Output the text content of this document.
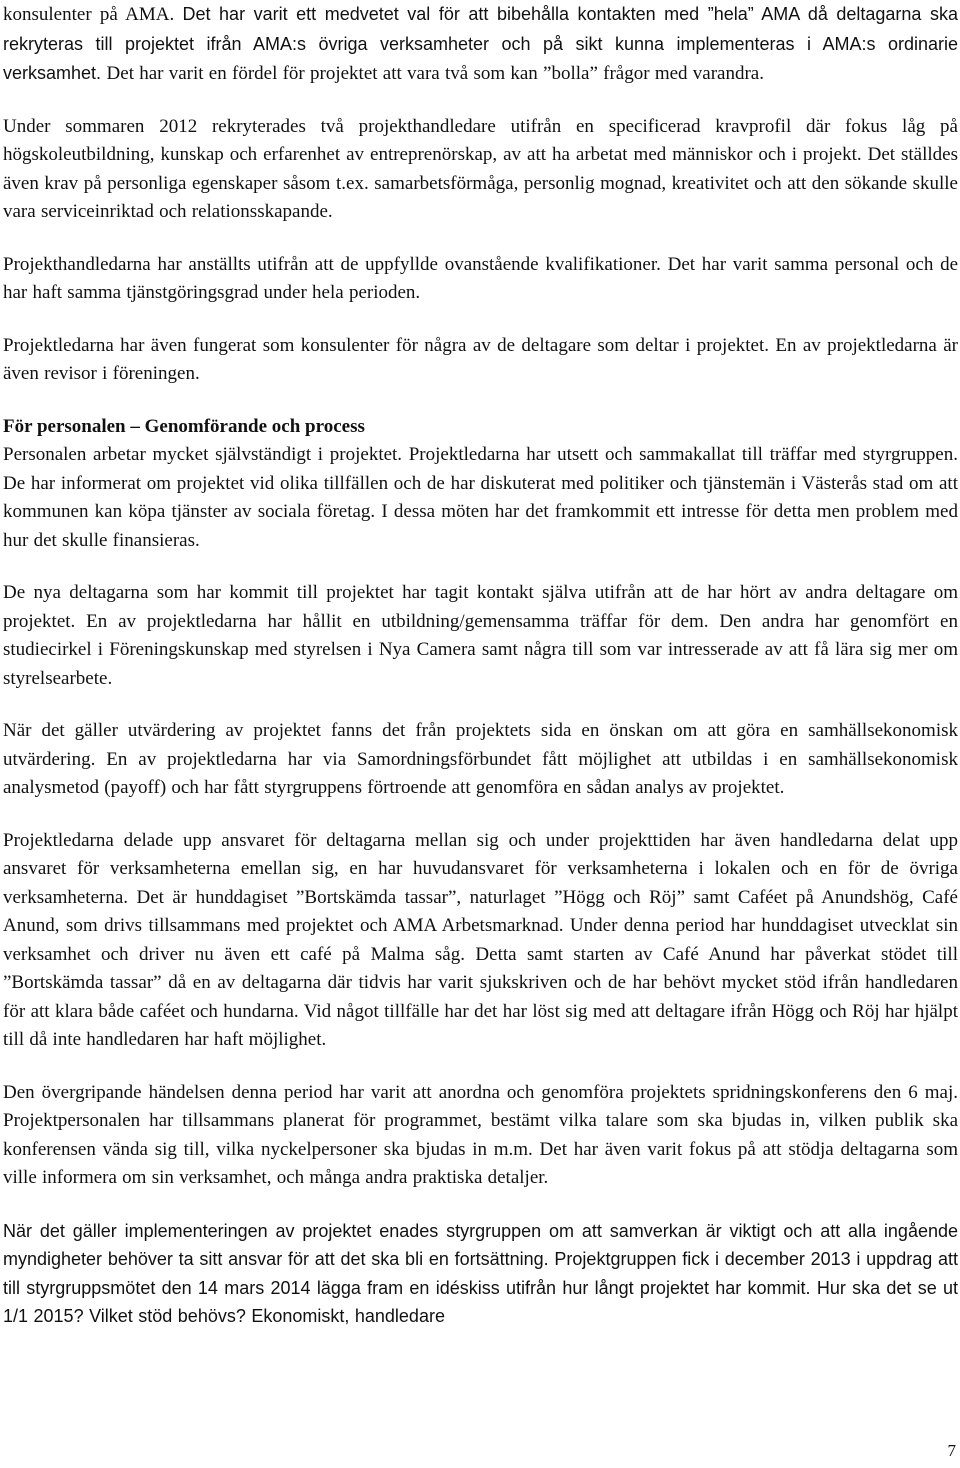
konsulenter på AMA. Det har varit ett medvetet val för att bibehålla kontakten med ”hela” AMA då deltagarna ska rekryteras till projektet ifrån AMA:s övriga verksamheter och på sikt kunna implementeras i AMA:s ordinarie verksamhet. Det har varit en fördel för projektet att vara två som kan ”bolla” frågor med varandra.

Under sommaren 2012 rekryterades två projekthandledare utifrån en specificerad kravprofil där fokus låg på högskoleutbildning, kunskap och erfarenhet av entreprenörskap, av att ha arbetat med människor och i projekt. Det ställdes även krav på personliga egenskaper såsom t.ex. samarbetsförmåga, personlig mognad, kreativitet och att den sökande skulle vara serviceinriktad och relationsskapande.

Projekthandledarna har anställts utifrån att de uppfyllde ovanstående kvalifikationer. Det har varit samma personal och de har haft samma tjänstgöringsgrad under hela perioden.

Projektledarna har även fungerat som konsulenter för några av de deltagare som deltar i projektet. En av projektledarna är även revisor i föreningen.

För personalen – Genomförande och process

Personalen arbetar mycket självständigt i projektet. Projektledarna har utsett och sammakallat till träffar med styrgruppen. De har informerat om projektet vid olika tillfällen och de har diskuterat med politiker och tjänstemän i Västerås stad om att kommunen kan köpa tjänster av sociala företag. I dessa möten har det framkommit ett intresse för detta men problem med hur det skulle finansieras.

De nya deltagarna som har kommit till projektet har tagit kontakt själva utifrån att de har hört av andra deltagare om projektet. En av projektledarna har hållit en utbildning/gemensamma träffar för dem. Den andra har genomfört en studiecirkel i Föreningskunskap med styrelsen i Nya Camera samt några till som var intresserade av att få lära sig mer om styrelsearbete.

När det gäller utvärdering av projektet fanns det från projektets sida en önskan om att göra en samhällsekonomisk utvärdering. En av projektledarna har via Samordningsförbundet fått möjlighet att utbildas i en samhällsekonomisk analysmetod (payoff) och har fått styrgruppens förtroende att genomföra en sådan analys av projektet.

Projektledarna delade upp ansvaret för deltagarna mellan sig och under projekttiden har även handledarna delat upp ansvaret för verksamheterna emellan sig, en har huvudansvaret för verksamheterna i lokalen och en för de övriga verksamheterna. Det är hunddagiset ”Bortskämda tassar”, naturlaget ”Högg och Röj” samt Caféet på Anundshög, Café Anund, som drivs tillsammans med projektet och AMA Arbetsmarknad. Under denna period har hunddagiset utvecklat sin verksamhet och driver nu även ett café på Malma såg. Detta samt starten av Café Anund har påverkat stödet till ”Bortskämda tassar” då en av deltagarna där tidvis har varit sjukskriven och de har behövt mycket stöd ifrån handledaren för att klara både caféet och hundarna. Vid något tillfälle har det har löst sig med att deltagare ifrån Högg och Röj har hjälpt till då inte handledaren har haft möjlighet.

Den övergripande händelsen denna period har varit att anordna och genomföra projektets spridningskonferens den 6 maj. Projektpersonalen har tillsammans planerat för programmet, bestämt vilka talare som ska bjudas in, vilken publik ska konferensen vända sig till, vilka nyckelpersoner ska bjudas in m.m. Det har även varit fokus på att stödja deltagarna som ville informera om sin verksamhet, och många andra praktiska detaljer.

När det gäller implementeringen av projektet enades styrgruppen om att samverkan är viktigt och att alla ingående myndigheter behöver ta sitt ansvar för att det ska bli en fortsättning. Projektgruppen fick i december 2013 i uppdrag att till styrgruppsmötet den 14 mars 2014 lägga fram en idéskiss utifrån hur långt projektet har kommit. Hur ska det se ut 1/1 2015? Vilket stöd behövs? Ekonomiskt, handledare

7
